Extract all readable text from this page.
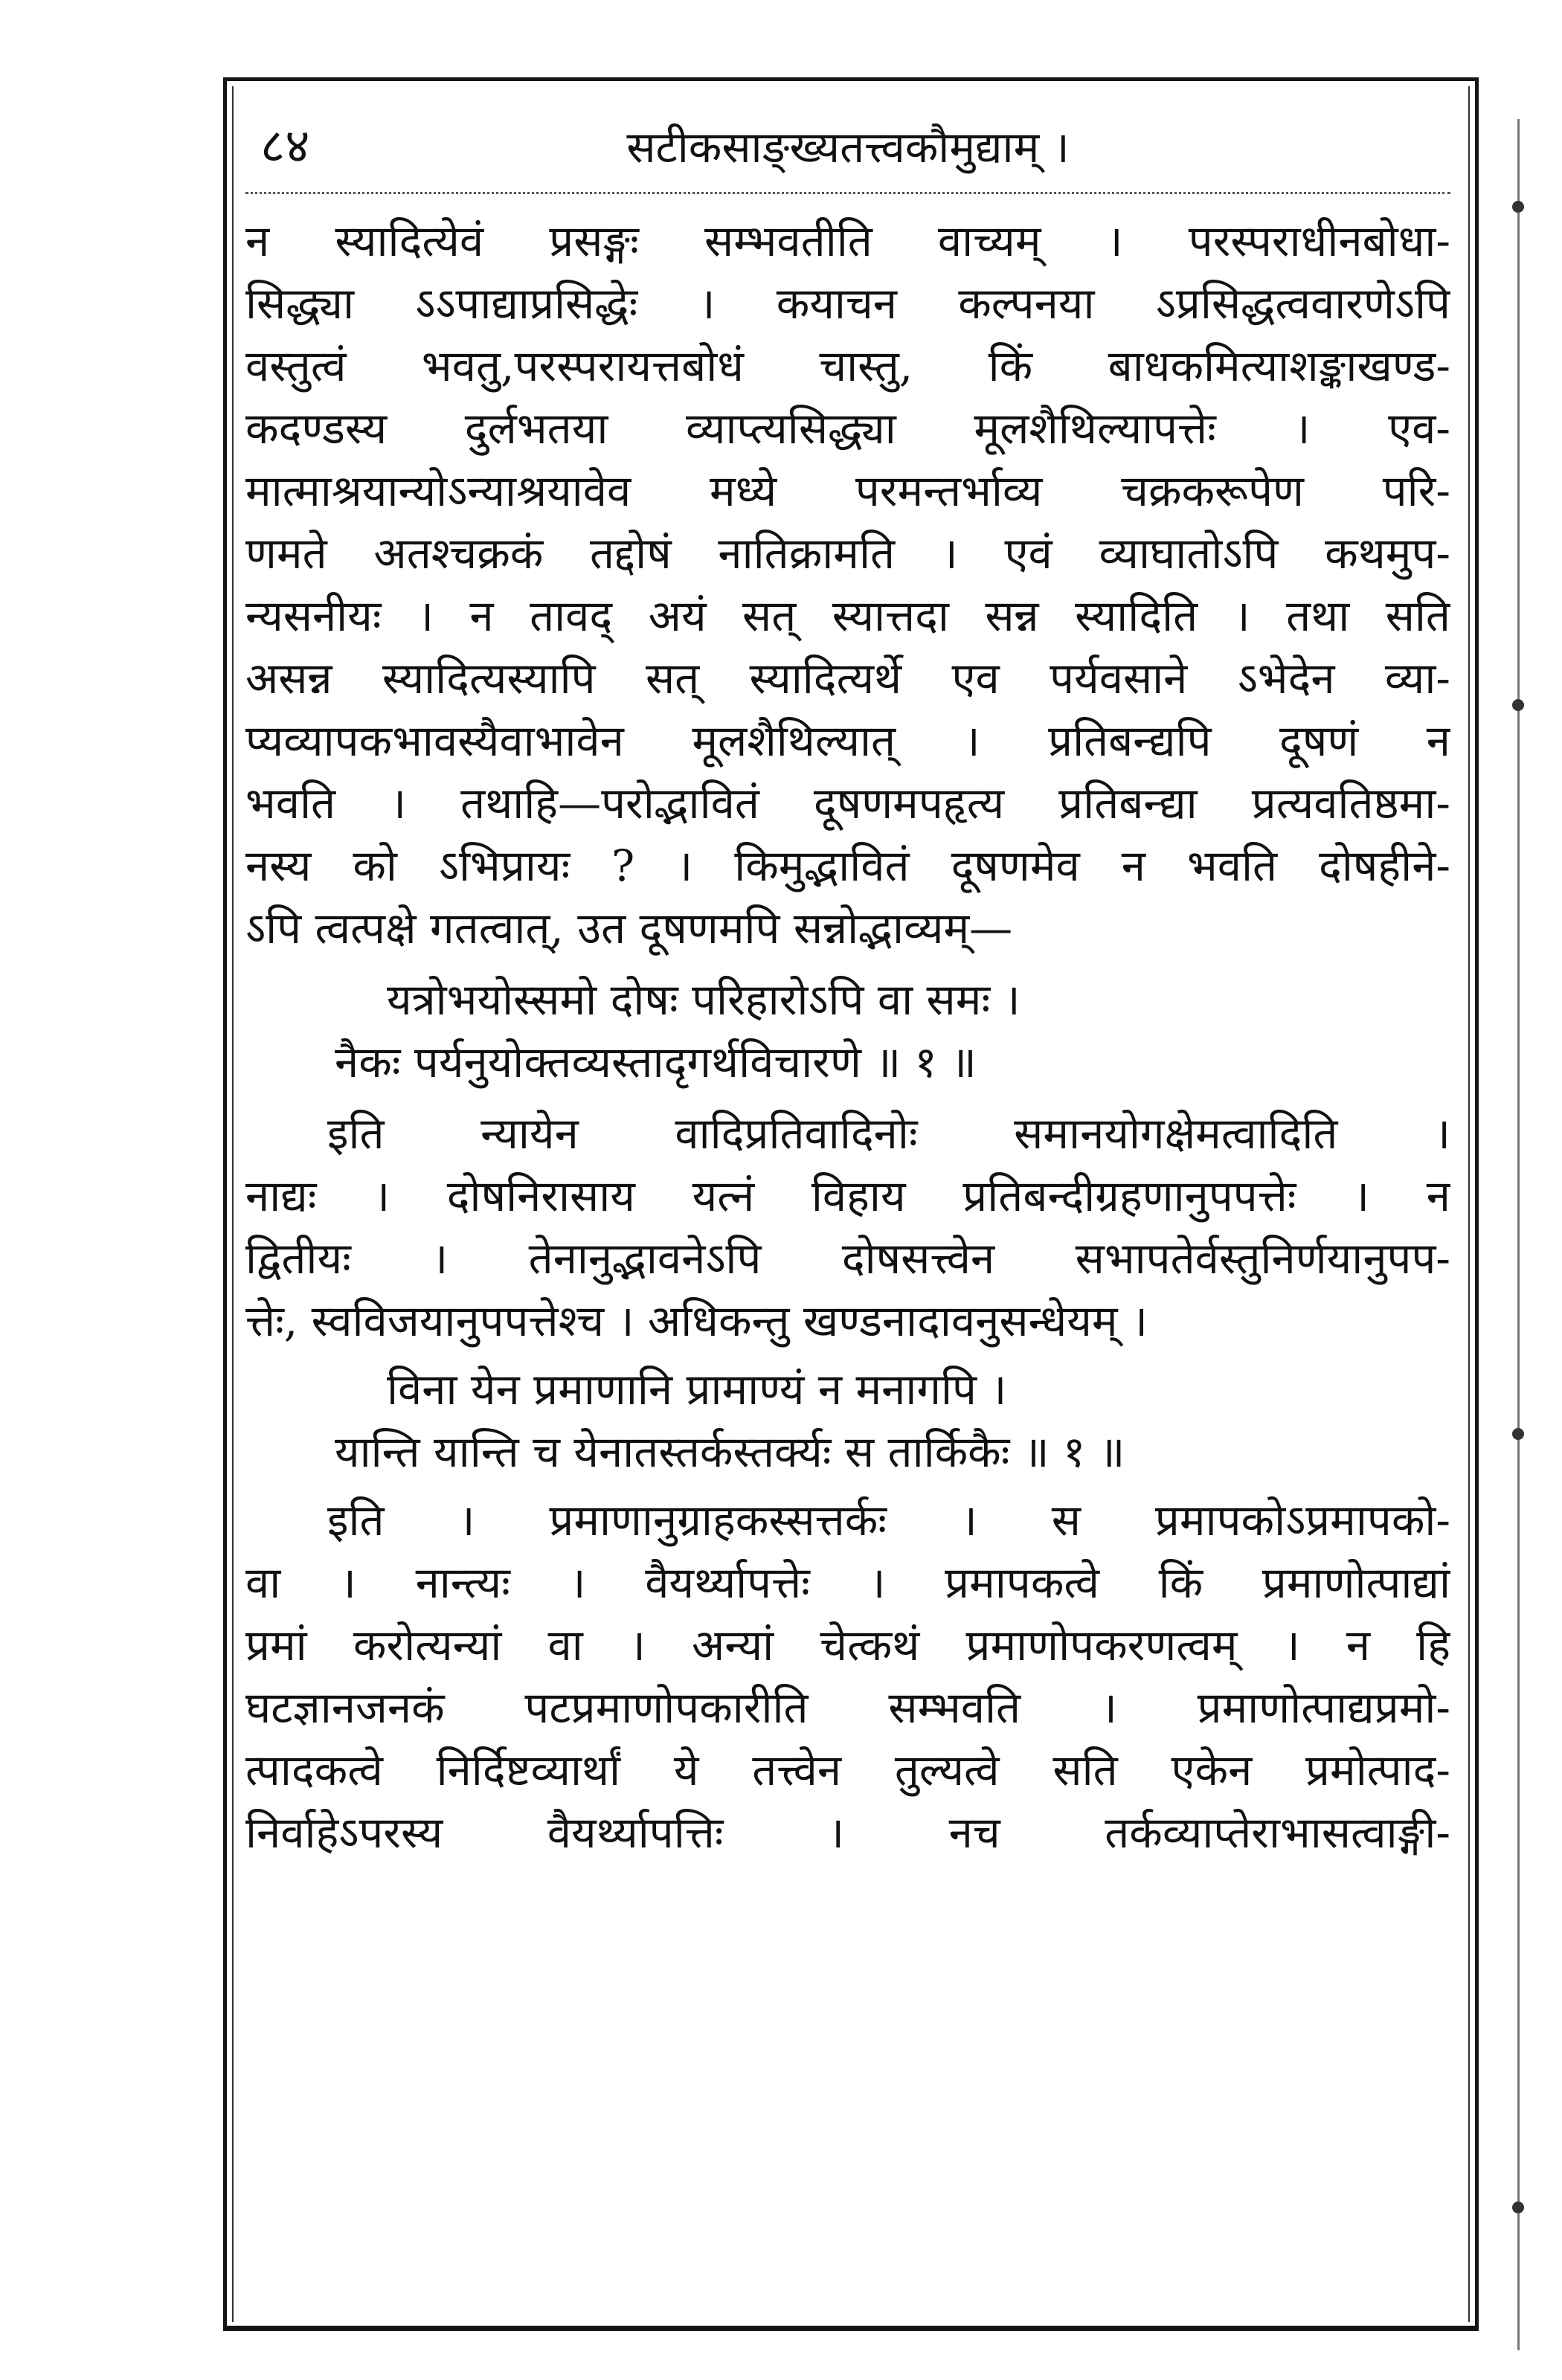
८४	सटीकसाङ्ख्यतत्त्वकौमुद्याम् ।
न स्यादित्येवं प्रसङ्गः सम्भवतीति वाच्यम् । परस्पराधीनबोधा-
सिद्ध्या ऽऽपाद्याप्रसिद्धेः । कयाचन कल्पनया ऽप्रसिद्धत्ववारणेऽपि
वस्तुत्वं भवतु,परस्परायत्तबोधं चास्तु, किं बाधकमित्याशङ्काखण्ड-
कदण्डस्य दुर्लभतया व्याप्त्यसिद्ध्या मूलशैथिल्यापत्तेः । एव-
मात्माश्रयान्योऽन्याश्रयावेव मध्ये परमन्तर्भाव्य चक्रकरूपेण परि-
णमते अतश्चक्रकं तद्दोषं नातिक्रामति । एवं व्याघातोऽपि कथमुप-
न्यसनीयः । न तावद् अयं सत् स्यात्तदा सन्न स्यादिति । तथा सति
असन्न स्यादित्यस्यापि सत् स्यादित्यर्थे एव पर्यवसाने ऽभेदेन व्या-
प्यव्यापकभावस्यैवाभावेन मूलशैथिल्यात् । प्रतिबन्द्यपि दूषणं न
भवति । तथाहि—परोद्भावितं दूषणमपहृत्य प्रतिबन्द्या प्रत्यवतिष्ठमा-
नस्य को ऽभिप्रायः ? । किमुद्भावितं दूषणमेव न भवति दोषहीने-
ऽपि त्वत्पक्षे गतत्वात्, उत दूषणमपि सन्नोद्भाव्यम्—
यत्रोभयोस्समो दोषः परिहारोऽपि वा समः ।
नैकः पर्यनुयोक्तव्यस्तादृगर्थविचारणे ॥ १ ॥
इति न्यायेन वादिप्रतिवादिनोः समानयोगक्षेमत्वादिति ।
नाद्यः । दोषनिरासाय यत्नं विहाय प्रतिबन्दीग्रहणानुपपत्तेः । न
द्वितीयः । तेनानुद्भावनेऽपि दोषसत्त्वेन सभापतेर्वस्तुनिर्णयानुपप-
त्तेः, स्वविजयानुपपत्तेश्च । अधिकन्तु खण्डनादावनुसन्धेयम् ।
विना येन प्रमाणानि प्रामाण्यं न मनागपि ।
यान्ति यान्ति च येनातस्तर्कस्तर्क्यः स तार्किकैः ॥ १ ॥
इति । प्रमाणानुग्राहकस्सत्तर्कः । स प्रमापकोऽप्रमापको-
वा । नान्त्यः । वैयर्थ्यापत्तेः । प्रमापकत्वे किं प्रमाणोत्पाद्यां
प्रमां करोत्यन्यां वा । अन्यां चेत्कथं प्रमाणोपकरणत्वम् । न हि
घटज्ञानजनकं पटप्रमाणोपकारीति सम्भवति । प्रमाणोत्पाद्यप्रमो-
त्पादकत्वे निर्दिष्टव्यार्थां ये तत्त्वेन तुल्यत्वे सति एकेन प्रमोत्पाद-
निर्वाहेऽपरस्य वैयर्थ्यापत्तिः । नच तर्कव्याप्तेराभासत्वाङ्गी-
